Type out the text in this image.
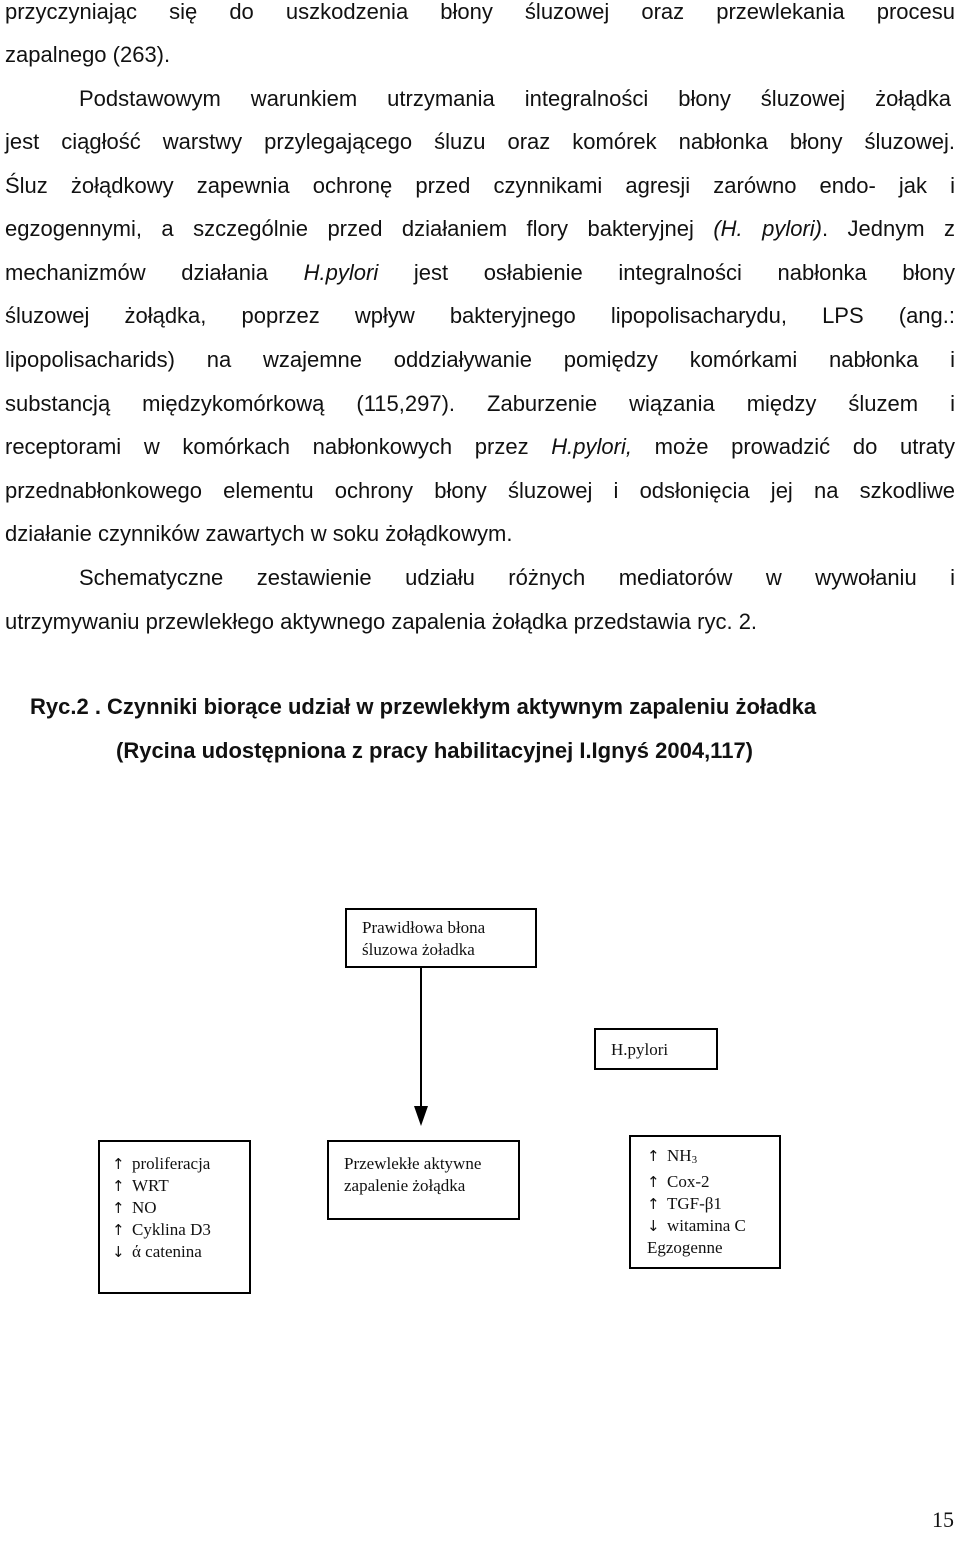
przyczyniając się do uszkodzenia błony śluzowej oraz przewlekania procesu
zapalnego (263).
Podstawowym warunkiem utrzymania integralności błony śluzowej żołądka
jest ciągłość warstwy przylegającego śluzu oraz komórek nabłonka błony śluzowej.
Śluz żołądkowy zapewnia ochronę przed czynnikami agresji zarówno endo- jak i
egzogennymi, a szczególnie przed działaniem flory bakteryjnej (H. pylori). Jednym z
mechanizmów działania H.pylori jest osłabienie integralności nabłonka błony
śluzowej żołądka, poprzez wpływ bakteryjnego lipopolisacharydu, LPS (ang.:
lipopolisacharids) na wzajemne oddziaływanie pomiędzy komórkami nabłonka i
substancją międzykomórkową (115,297). Zaburzenie wiązania między śluzem i
receptorami w komórkach nabłonkowych przez H.pylori, może prowadzić do utraty
przednabłonkowego elementu ochrony błony śluzowej i odsłonięcia jej na szkodliwe
działanie czynników zawartych w soku żołądkowym.
Schematyczne zestawienie udziału różnych mediatorów w wywołaniu i
utrzymywaniu przewlekłego aktywnego zapalenia żołądka przedstawia ryc. 2.
Ryc.2 . Czynniki biorące udział w przewlekłym aktywnym zapaleniu żoładka
(Rycina udostępniona z pracy habilitacyjnej I.Ignyś 2004,117)
Prawidłowa błona
śluzowa żoładka
H.pylori
↑ proliferacja
↑ WRT
↑ NO
↑ Cyklina D3
↓ ά catenina
Przewlekłe aktywne
zapalenie żołądka
↑ NH3
↑ Cox-2
↑ TGF-β1
↓ witamina C
Egzogenne
15
